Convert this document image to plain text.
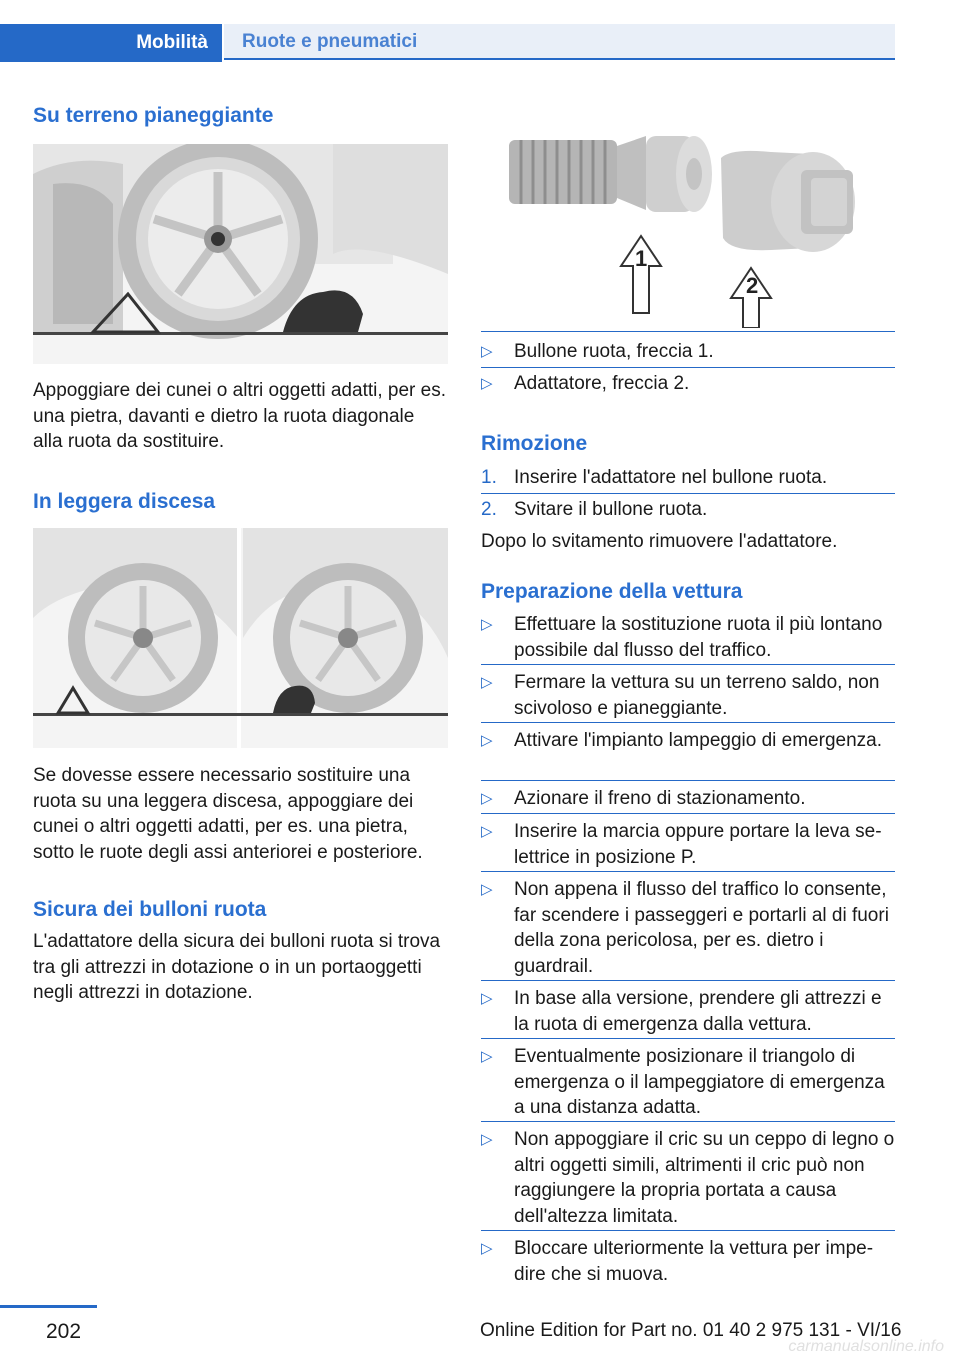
Mobilità	Ruote e pneumatici
Su terreno pianeggiante

Appoggiare dei cunei o altri oggetti adatti, per es. una pietra, davanti e dietro la ruota diagonale alla ruota da sostituire.

In leggera discesa

Se dovesse essere necessario sostituire una ruota su una leggera discesa, appoggiare dei cunei o altri oggetti adatti, per es. una pietra, sotto le ruote degli assi anteriorei e posteriore.

Sicura dei bulloni ruota

L'adattatore della sicura dei bulloni ruota si trova tra gli attrezzi in dotazione o in un portaoggetti negli attrezzi in dotazione.

1
2
▷ Bullone ruota, freccia 1.
▷ Adattatore, freccia 2.
Rimozione
1. Inserire l'adattatore nel bullone ruota.
2. Svitare il bullone ruota.

Dopo lo svitamento rimuovere l'adattatore.

Preparazione della vettura
▷ Effettuare la sostituzione ruota il più lontano possibile dal flusso del traffico.
▷ Fermare la vettura su un terreno saldo, non scivoloso e pianeggiante.
▷ Attivare l'impianto lampeggio di emergenza.
▷ Azionare il freno di stazionamento.
▷ Inserire la marcia oppure portare la leva selettrice in posizione P.
▷ Non appena il flusso del traffico lo consente, far scendere i passeggeri e portarli al di fuori della zona pericolosa, per es. dietro i guardrail.
▷ In base alla versione, prendere gli attrezzi e la ruota di emergenza dalla vettura.
▷ Eventualmente posizionare il triangolo di emergenza o il lampeggiatore di emergenza a una distanza adatta.
▷ Non appoggiare il cric su un ceppo di legno o altri oggetti simili, altrimenti il cric può non raggiungere la propria portata a causa dell'altezza limitata.
▷ Bloccare ulteriormente la vettura per impedire che si muova.
202	Online Edition for Part no. 01 40 2 975 131 - VI/16
carmanualsonline.info
